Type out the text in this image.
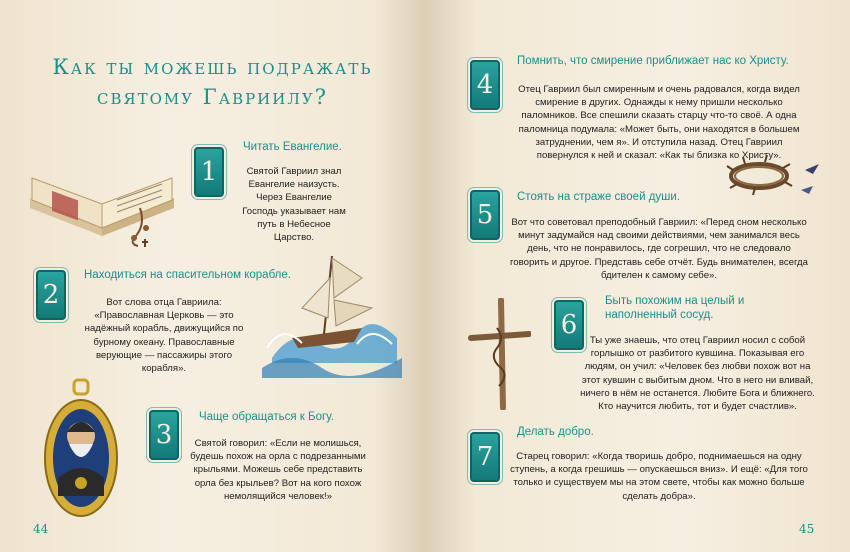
Как ты можешь подражать святому Гавриилу?
1
Читать Евангелие.
Святой Гавриил знал Евангелие наизусть. Через Евангелие Господь указывает нам путь в Небесное Царство.
2
Находиться на спасительном корабле.
Вот слова отца Гавриила: «Православная Церковь — это надёжный корабль, движущийся по бурному океану. Православные верующие — пассажиры этого корабля».
3
Чаще обращаться к Богу.
Святой говорил: «Если не молишься, будешь похож на орла с подрезанными крыльями. Можешь себе представить орла без крыльев? Вот на кого похож немолящийся человек!»
44
4
Помнить, что смирение приближает нас ко Христу.
Отец Гавриил был смиренным и очень радовался, когда видел смирение в других. Однажды к нему пришли несколько паломников. Все спешили сказать старцу что-то своё. А одна паломница подумала: «Может быть, они находятся в большем затруднении, чем я». И отступила назад. Отец Гавриил повернулся к ней и сказал: «Как ты близка ко Христу».
5
Стоять на страже своей души.
Вот что советовал преподобный Гавриил: «Перед сном несколько минут задумайся над своими действиями, чем занимался весь день, что не понравилось, где согрешил, что не следовало говорить и другое. Представь себе отчёт. Будь внимателен, всегда бдителен к самому себе».
6
Быть похожим на целый и наполненный сосуд.
Ты уже знаешь, что отец Гавриил носил с собой горлышко от разбитого кувшина. Показывая его людям, он учил: «Человек без любви похож вот на этот кувшин с выбитым дном. Что в него ни вливай, ничего в нём не останется. Любите Бога и ближнего. Кто научится любить, тот и будет счастлив».
7
Делать добро.
Старец говорил: «Когда творишь добро, поднимаешься на одну ступень, а когда грешишь — опускаешься вниз». И ещё: «Для того только и существуем мы на этом свете, чтобы как можно больше сделать добра».
45
